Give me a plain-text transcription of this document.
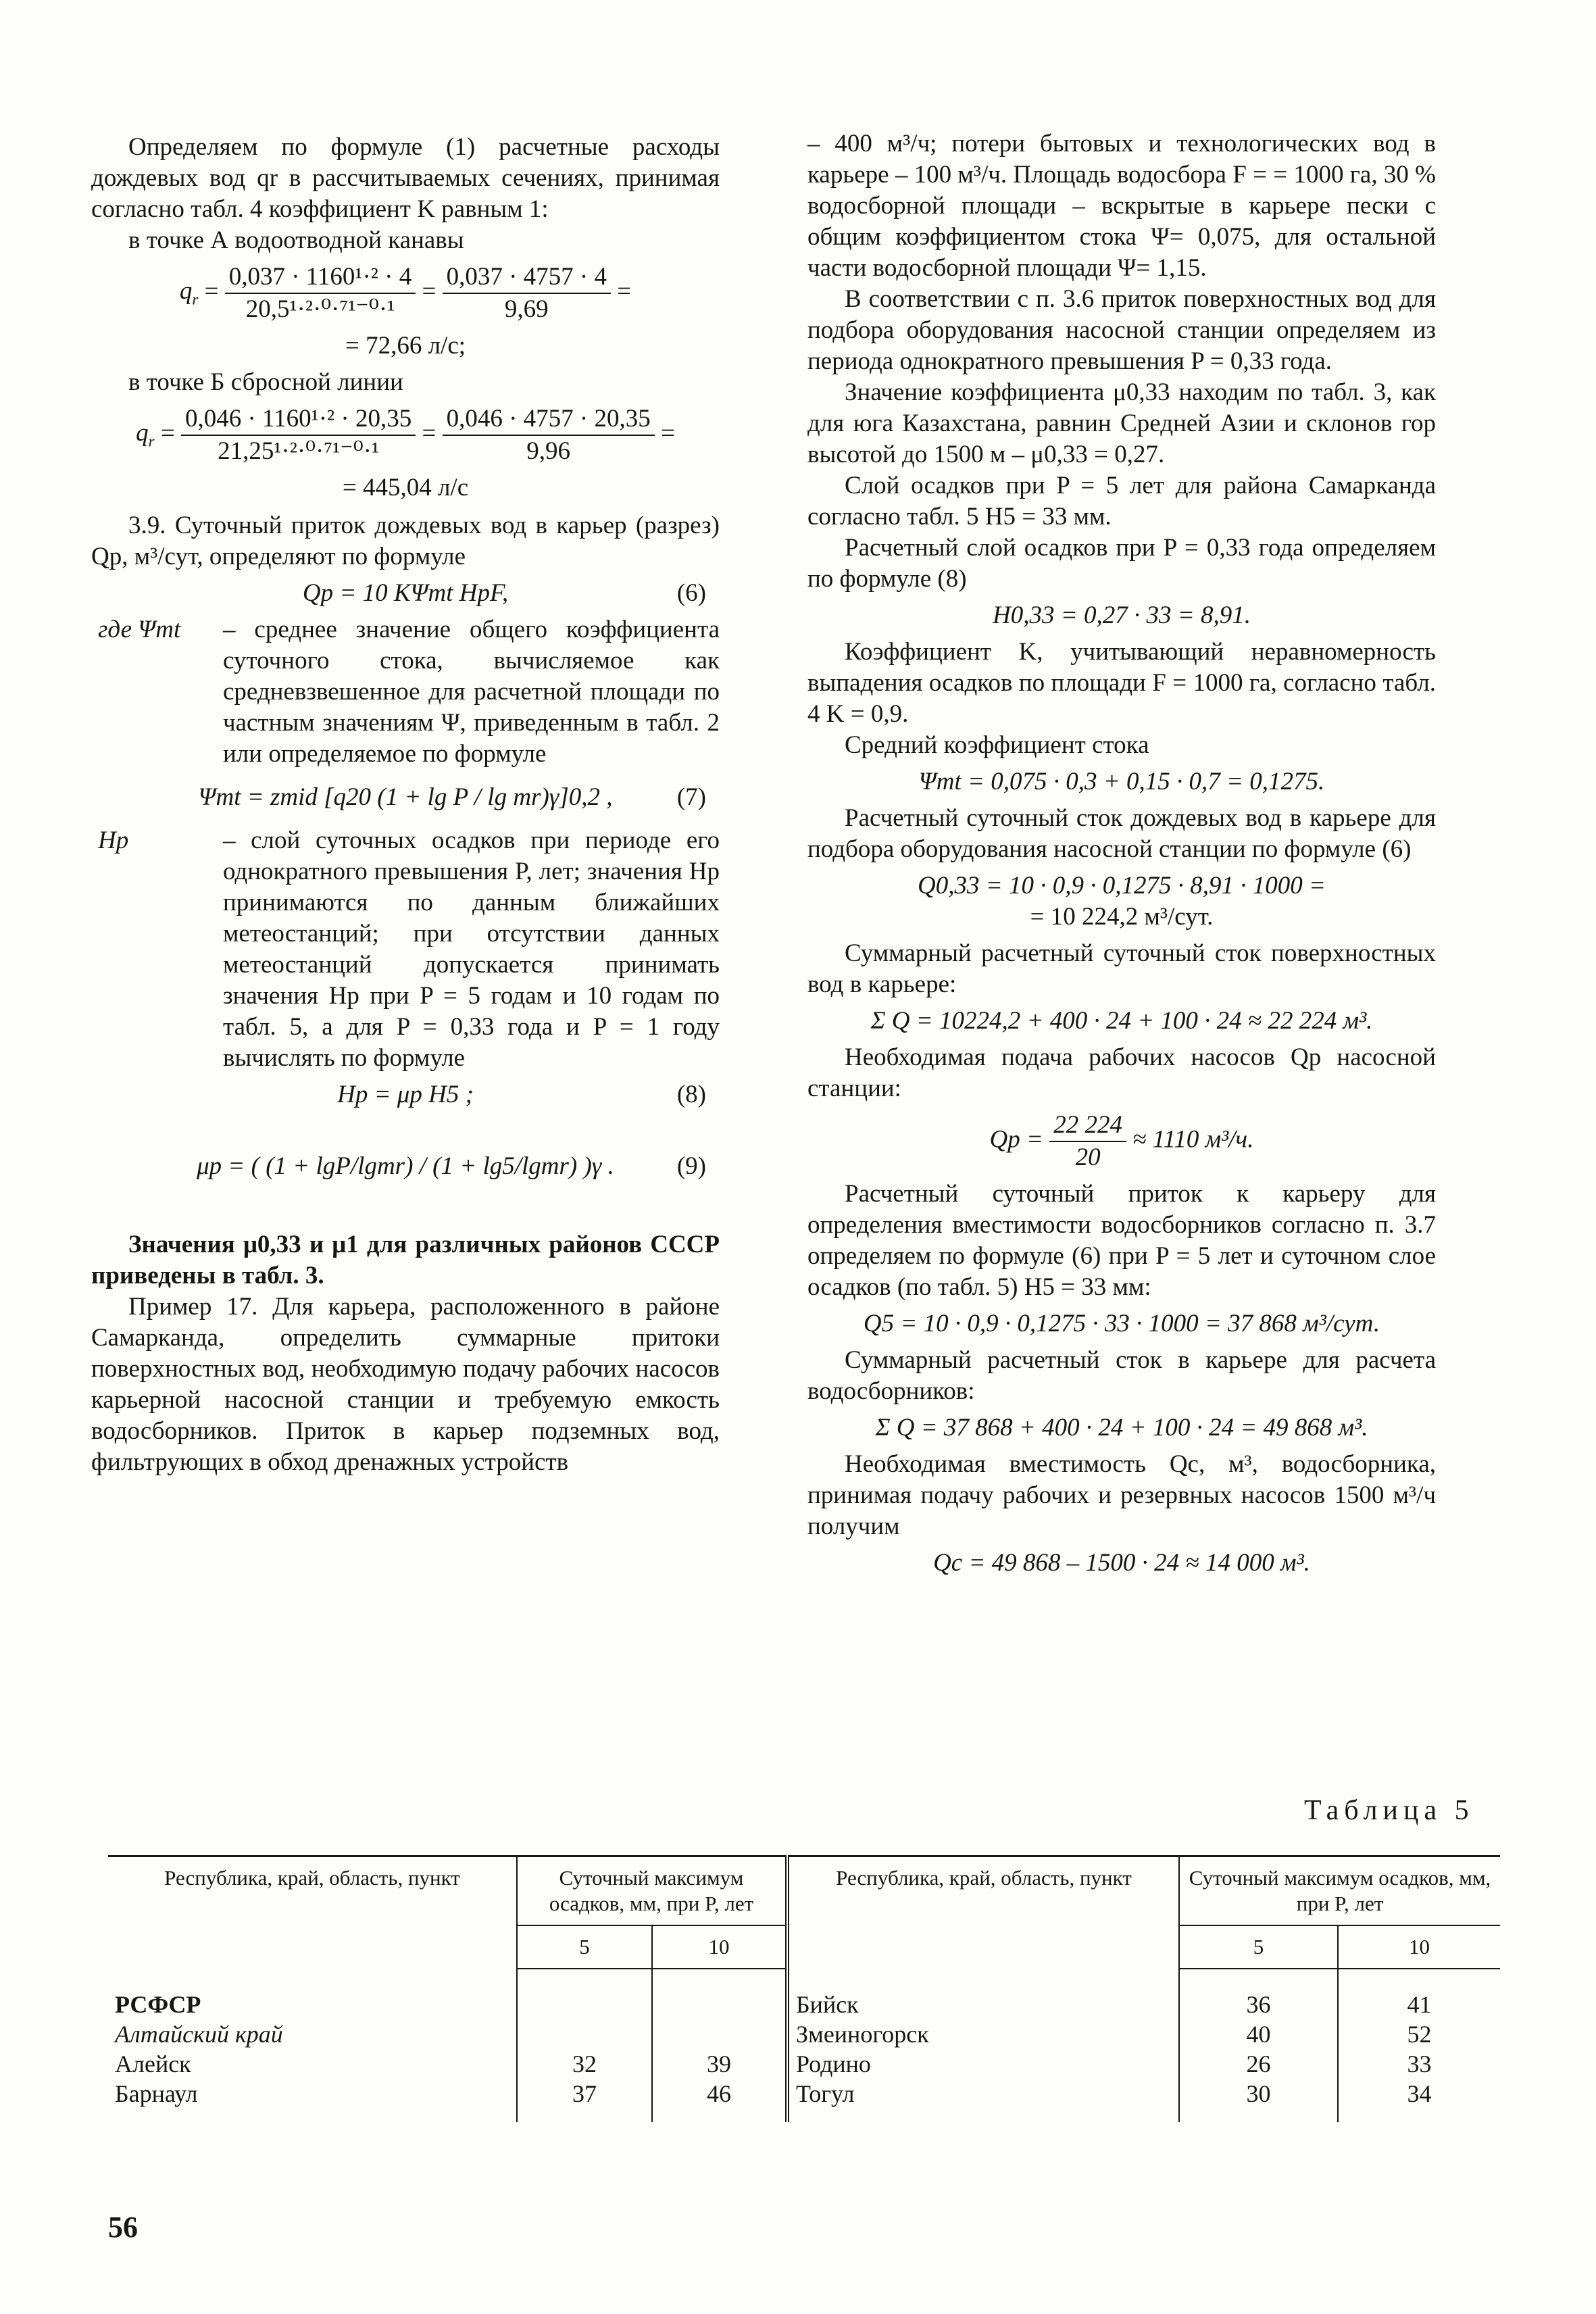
Определяем по формуле (1) расчетные расходы дождевых вод qr в рассчитываемых сечениях, принимая согласно табл. 4 коэффициент K равным 1:

в точке А водоотводной канавы

$q_r = \frac{\text{0,037 · 1160¹·² · 4}}{\text{20,5¹·²·⁰·⁷¹⁻⁰·¹}} = \frac{0,037 \cdot 4757 \cdot 4}{9,69}$ =
= 72,66 л/с;

в точке Б сбросной линии

$q_r = \frac{\text{0,046 · 1160¹·² · 20,35}}{\text{21,25¹·²·⁰·⁷¹⁻⁰·¹}} = \frac{0,046 \cdot 4757 \cdot 20,35}{9,96}$ =
= 445,04 л/с

3.9. Суточный приток дождевых вод в карьер (разрез) Qp, м³/сут, определяют по формуле

Qp = 10 KΨmt HpF,	(6)
где Ψmt	– среднее значение общего коэффициента суточного стока, вычисляемое как средневзвешенное для расчетной площади по частным значениям Ψ, приведенным в табл. 2 или определяемое по формуле
Ψmt = zmid [q20 (1 + lg P / lg mr)γ]0,2 ,	(7)
Hp	– слой суточных осадков при периоде его однократного превышения P, лет; значения Hp принимаются по данным ближайших метеостанций; при отсутствии данных метеостанций допускается принимать значения Hp при P = 5 годам и 10 годам по табл. 5, а для P = 0,33 года и P = 1 году вычислять по формуле
Hp = μp H5 ;	(8)
μp = ( (1 + lgP/lgmr) / (1 + lg5/lgmr) )γ .	(9)

Значения μ0,33 и μ1 для различных районов СССР приведены в табл. 3.

Пример 17. Для карьера, расположенного в районе Самарканда, определить суммарные притоки поверхностных вод, необходимую подачу рабочих насосов карьерной насосной станции и требуемую емкость водосборников. Приток в карьер подземных вод, фильтрующих в обход дренажных устройств

– 400 м³/ч; потери бытовых и технологических вод в карьере – 100 м³/ч. Площадь водосбора F = = 1000 га, 30 % водосборной площади – вскрытые в карьере пески с общим коэффициентом стока Ψ= 0,075, для остальной части водосборной площади Ψ= 1,15.

В соответствии с п. 3.6 приток поверхностных вод для подбора оборудования насосной станции определяем из периода однократного превышения P = 0,33 года.

Значение коэффициента μ0,33 находим по табл. 3, как для юга Казахстана, равнин Средней Азии и склонов гор высотой до 1500 м – μ0,33 = 0,27.

Слой осадков при P = 5 лет для района Самарканда согласно табл. 5 H5 = 33 мм.

Расчетный слой осадков при P = 0,33 года определяем по формуле (8)

H0,33 = 0,27 · 33 = 8,91.

Коэффициент K, учитывающий неравномерность выпадения осадков по площади F = 1000 га, согласно табл. 4 K = 0,9.

Средний коэффициент стока

Ψmt = 0,075 · 0,3 + 0,15 · 0,7 = 0,1275.

Расчетный суточный сток дождевых вод в карьере для подбора оборудования насосной станции по формуле (6)

Q0,33 = 10 · 0,9 · 0,1275 · 8,91 · 1000 =
= 10 224,2 м³/сут.

Суммарный расчетный суточный сток поверхностных вод в карьере:

Σ Q = 10224,2 + 400 · 24 + 100 · 24 ≈ 22 224 м³.

Необходимая подача рабочих насосов Qp насосной станции:

$Qp = \frac{22 224}{20} \approx 1110$ м³/ч.

Расчетный суточный приток к карьеру для определения вместимости водосборников согласно п. 3.7 определяем по формуле (6) при P = 5 лет и суточном слое осадков (по табл. 5) H5 = 33 мм:

Q5 = 10 · 0,9 · 0,1275 · 33 · 1000 = 37 868 м³/сут.

Суммарный расчетный сток в карьере для расчета водосборников:

Σ Q = 37 868 + 400 · 24 + 100 · 24 = 49 868 м³.

Необходимая вместимость Qc, м³, водосборника, принимая подачу рабочих и резервных насосов 1500 м³/ч получим

Qc = 49 868 – 1500 · 24 ≈ 14 000 м³.
Таблица 5
Республика, край, область, пункт	Суточный максимум осадков, мм, при P, лет		Республика, край, область, пункт	Суточный максимум осадков, мм, при P, лет	
	5	10		5	10
РСФСР			Бийск	36	41
Алтайский край			Змеиногорск	40	52
Алейск	32	39	Родино	26	33
Барнаул	37	46	Тогул	30	34
56
